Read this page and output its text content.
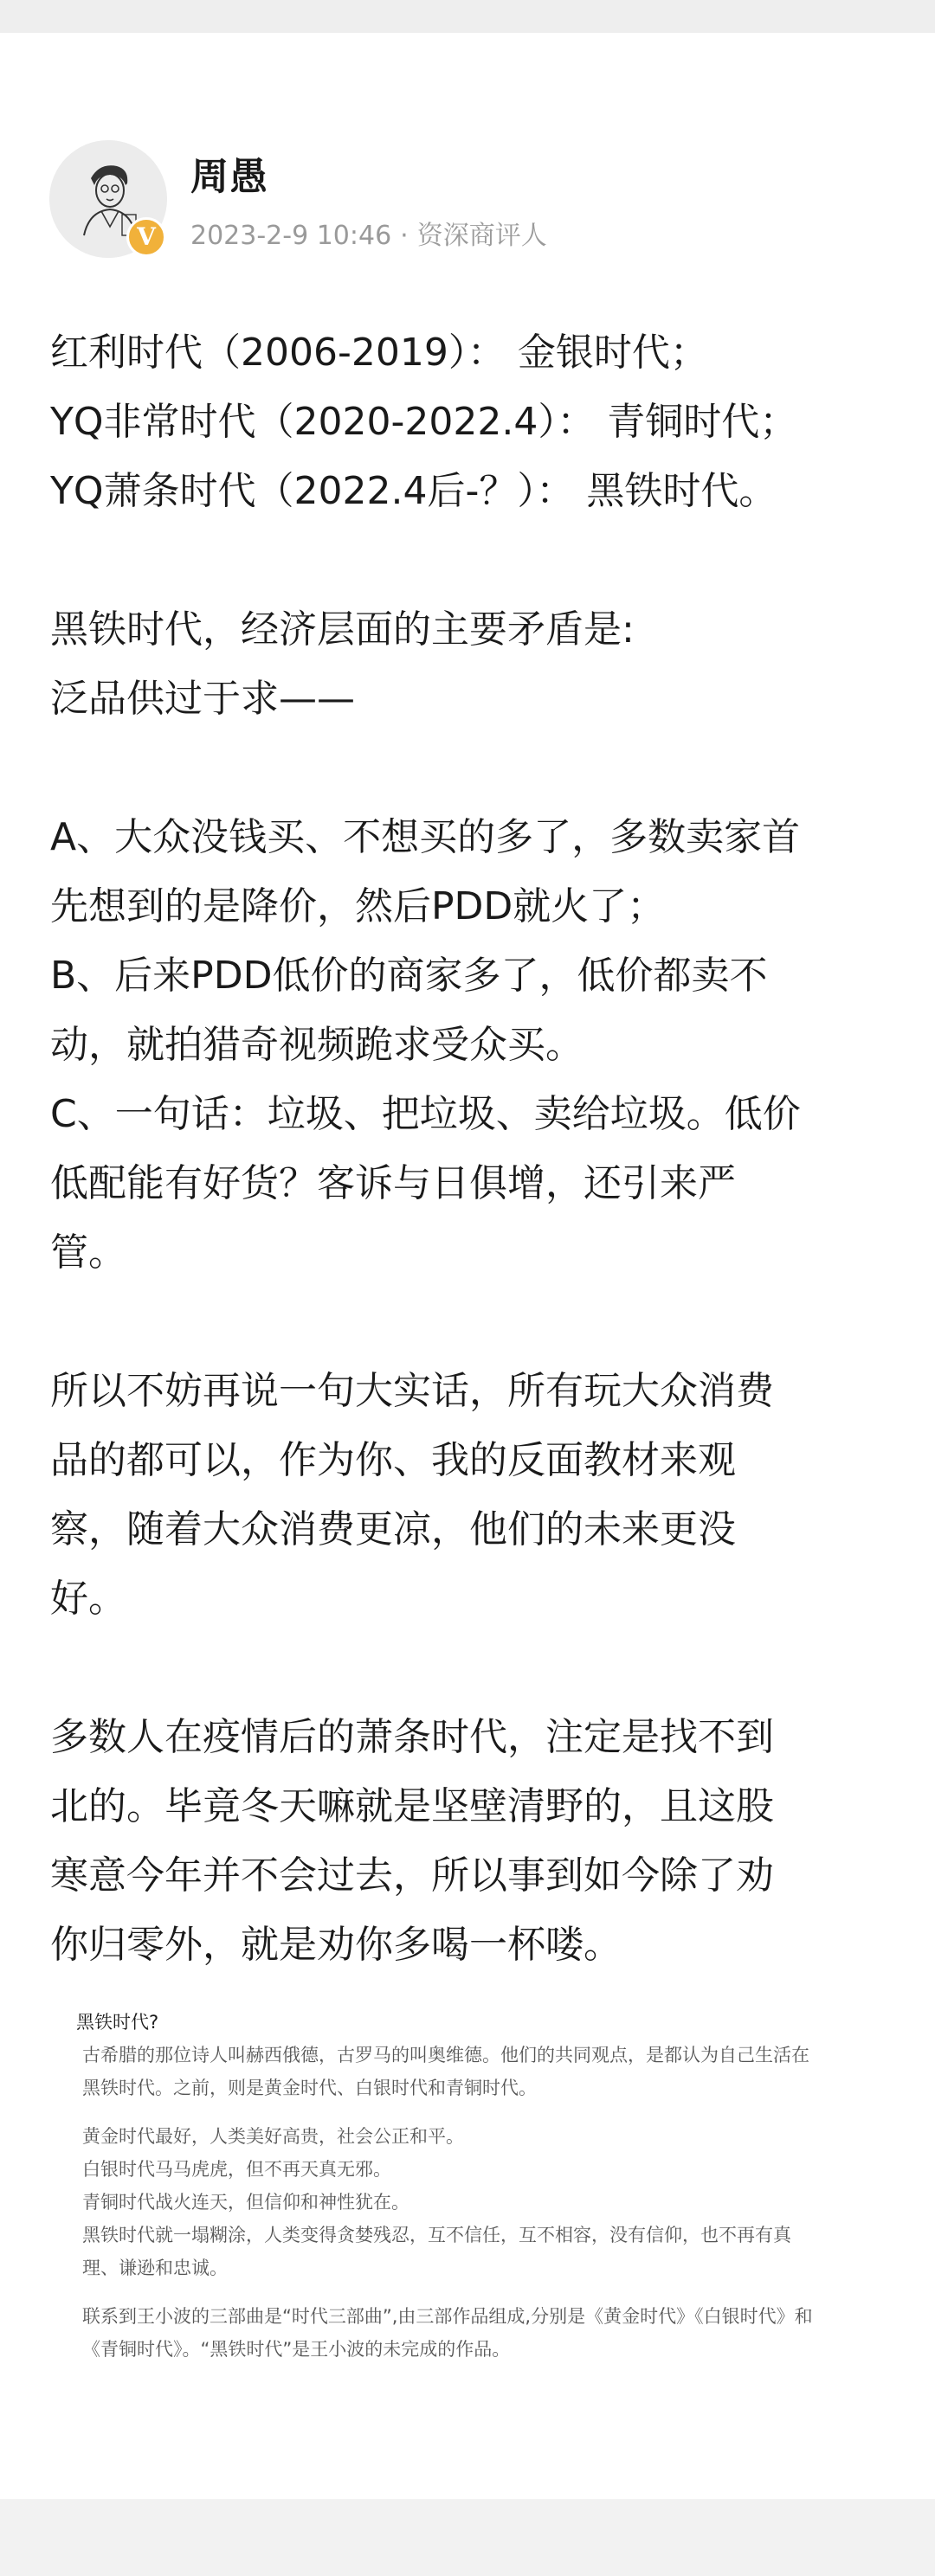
V
周愚
2023-2-9 10:46 · 资深商评人
红利时代（2006-2019）： 金银时代；
YQ非常时代（2020-2022.4）： 青铜时代；
YQ萧条时代（2022.4后-？）： 黑铁时代。
黑铁时代，经济层面的主要矛盾是:
泛品供过于求——
A、大众没钱买、不想买的多了，多数卖家首
先想到的是降价，然后PDD就火了；
B、后来PDD低价的商家多了，低价都卖不
动，就拍猎奇视频跪求受众买。
C、一句话：垃圾、把垃圾、卖给垃圾。低价
低配能有好货？客诉与日俱增，还引来严
管。
所以不妨再说一句大实话，所有玩大众消费
品的都可以，作为你、我的反面教材来观
察，随着大众消费更凉，他们的未来更没
好。
多数人在疫情后的萧条时代，注定是找不到
北的。毕竟冬天嘛就是坚壁清野的，且这股
寒意今年并不会过去，所以事到如今除了劝
你归零外，就是劝你多喝一杯喽。
黑铁时代?
古希腊的那位诗人叫赫西俄德，古罗马的叫奥维德。他们的共同观点，是都认为自己生活在
黑铁时代。之前，则是黄金时代、白银时代和青铜时代。
黄金时代最好，人类美好高贵，社会公正和平。
白银时代马马虎虎，但不再天真无邪。
青铜时代战火连天，但信仰和神性犹在。
黑铁时代就一塌糊涂，人类变得贪婪残忍，互不信任，互不相容，没有信仰，也不再有真
理、谦逊和忠诚。
联系到王小波的三部曲是“时代三部曲”,由三部作品组成,分别是《黄金时代》《白银时代》和
《青铜时代》。“黑铁时代”是王小波的未完成的作品。
